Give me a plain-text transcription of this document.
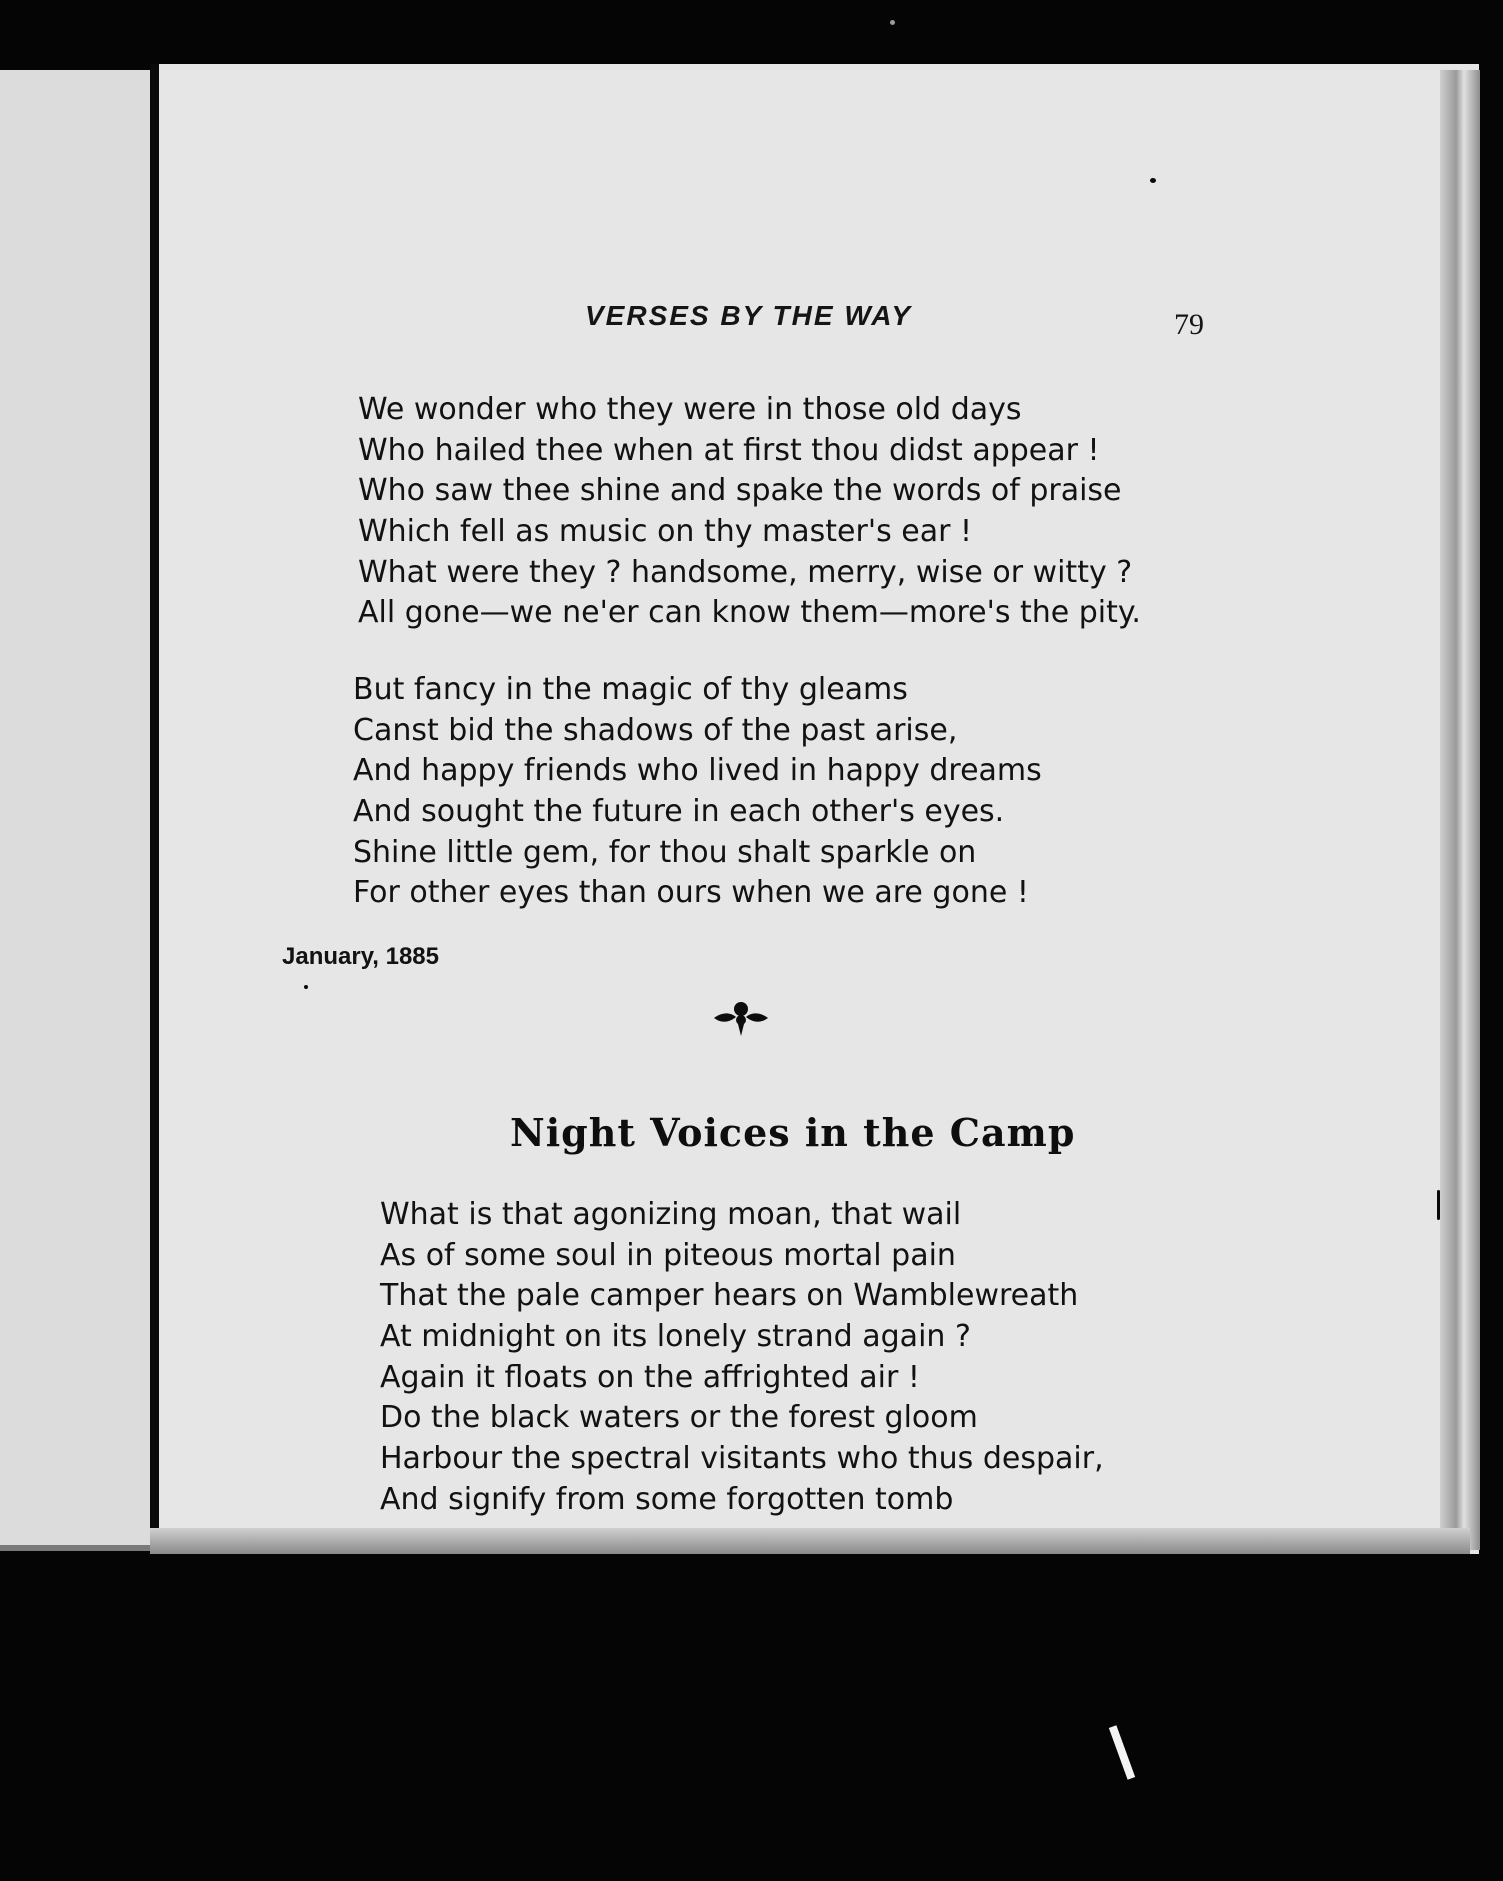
VERSES BY THE WAY	79
We wonder who they were in those old days
Who hailed thee when at first thou didst appear !
Who saw thee shine and spake the words of praise
Which fell as music on thy master's ear !
What were they ? handsome, merry, wise or witty ?
All gone—we ne'er can know them—more's the pity.
But fancy in the magic of thy gleams
Canst bid the shadows of the past arise,
And happy friends who lived in happy dreams
And sought the future in each other's eyes.
Shine little gem, for thou shalt sparkle on
For other eyes than ours when we are gone !
January, 1885
Night Voices in the Camp
What is that agonizing moan, that wail
As of some soul in piteous mortal pain
That the pale camper hears on Wamblewreath
At midnight on its lonely strand again ?
Again it floats on the affrighted air !
Do the black waters or the forest gloom
Harbour the spectral visitants who thus despair,
And signify from some forgotten tomb
